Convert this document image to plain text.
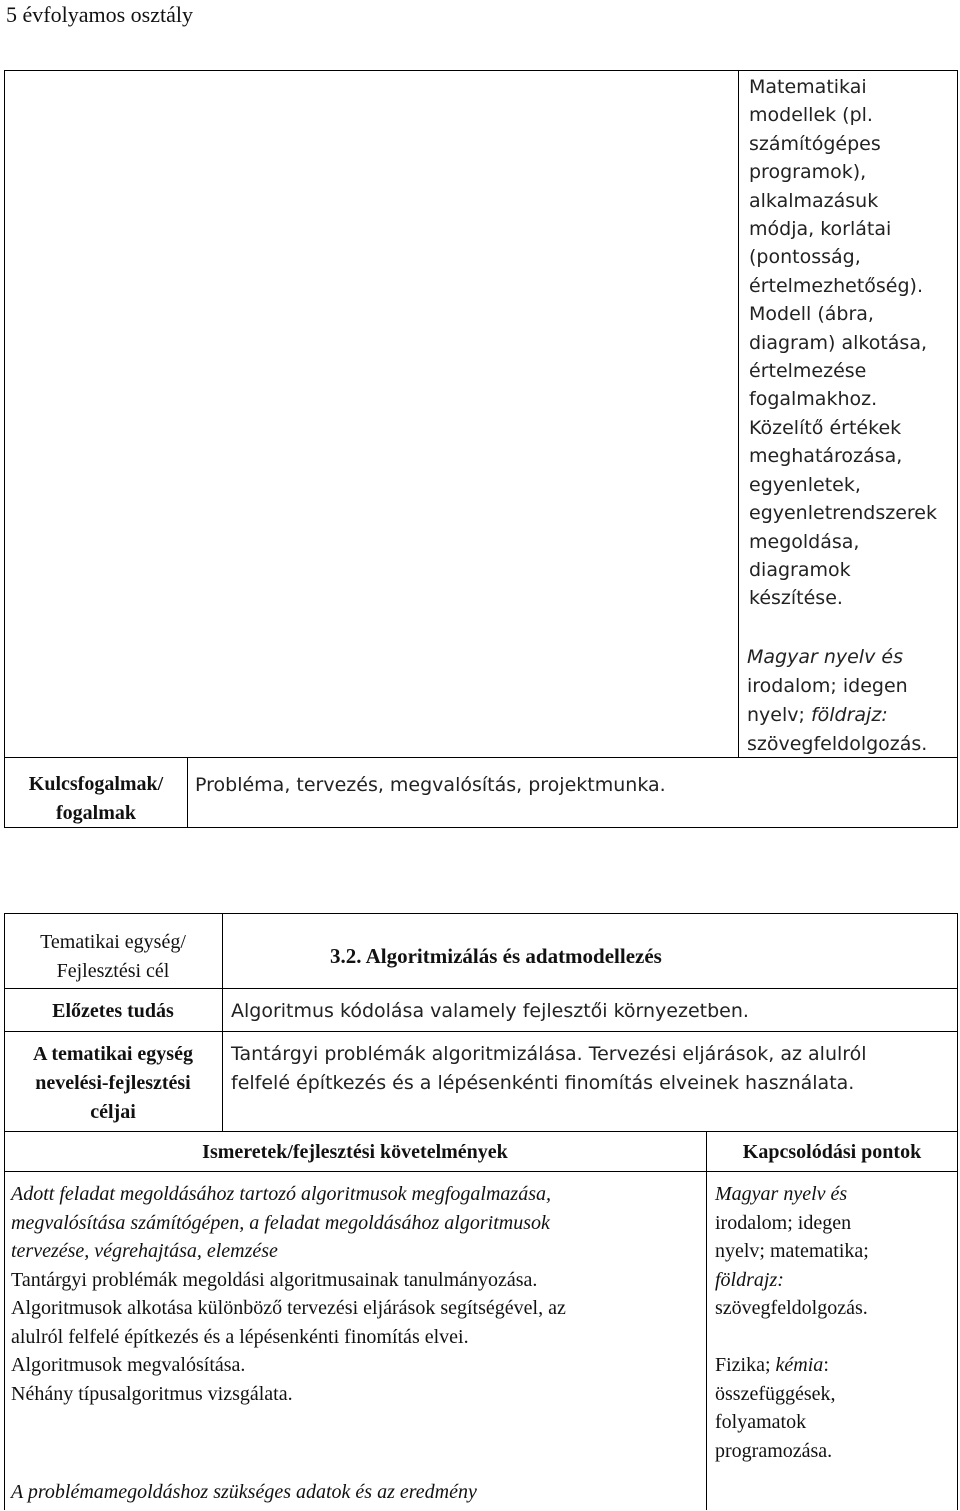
5 évfolyamos osztály

Matematikai

modellek (pl.

számítógépes

programok),

alkalmazásuk

módja, korlátai

(pontosság,

értelmezhetőség).

Modell (ábra,

diagram) alkotása,

értelmezése

fogalmakhoz.

Közelítő értékek

meghatározása,

egyenletek,

egyenletrendszerek

megoldása,

diagramok

készítése.

Magyar nyelv és

irodalom; idegen

nyelv; földrajz:

szövegfeldolgozás.

Kulcsfogalmak/

fogalmak

Probléma, tervezés, megvalósítás, projektmunka.

Tematikai egység/

Fejlesztési cél

3.2. Algoritmizálás és adatmodellezés
Előzetes tudás	Algoritmus kódolása valamely fejlesztői környezetben.

A tematikai egység

nevelési-fejlesztési

céljai

Tantárgyi problémák algoritmizálása. Tervezési eljárások, az alulról

felfelé építkezés és a lépésenkénti finomítás elveinek használata.

Ismeretek/fejlesztési követelmények	Kapcsolódási pontok

Adott feladat megoldásához tartozó algoritmusok megfogalmazása,

megvalósítása számítógépen, a feladat megoldásához algoritmusok

tervezése, végrehajtása, elemzése

Tantárgyi problémák megoldási algoritmusainak tanulmányozása.

Algoritmusok alkotása különböző tervezési eljárások segítségével, az

alulról felfelé építkezés és a lépésenkénti finomítás elvei.

Algoritmusok megvalósítása.

Néhány típusalgoritmus vizsgálata.

A problémamegoldáshoz szükséges adatok és az eredmény

Magyar nyelv és

irodalom; idegen

nyelv; matematika;

földrajz:

szövegfeldolgozás.

Fizika; kémia:

összefüggések,

folyamatok

programozása.
